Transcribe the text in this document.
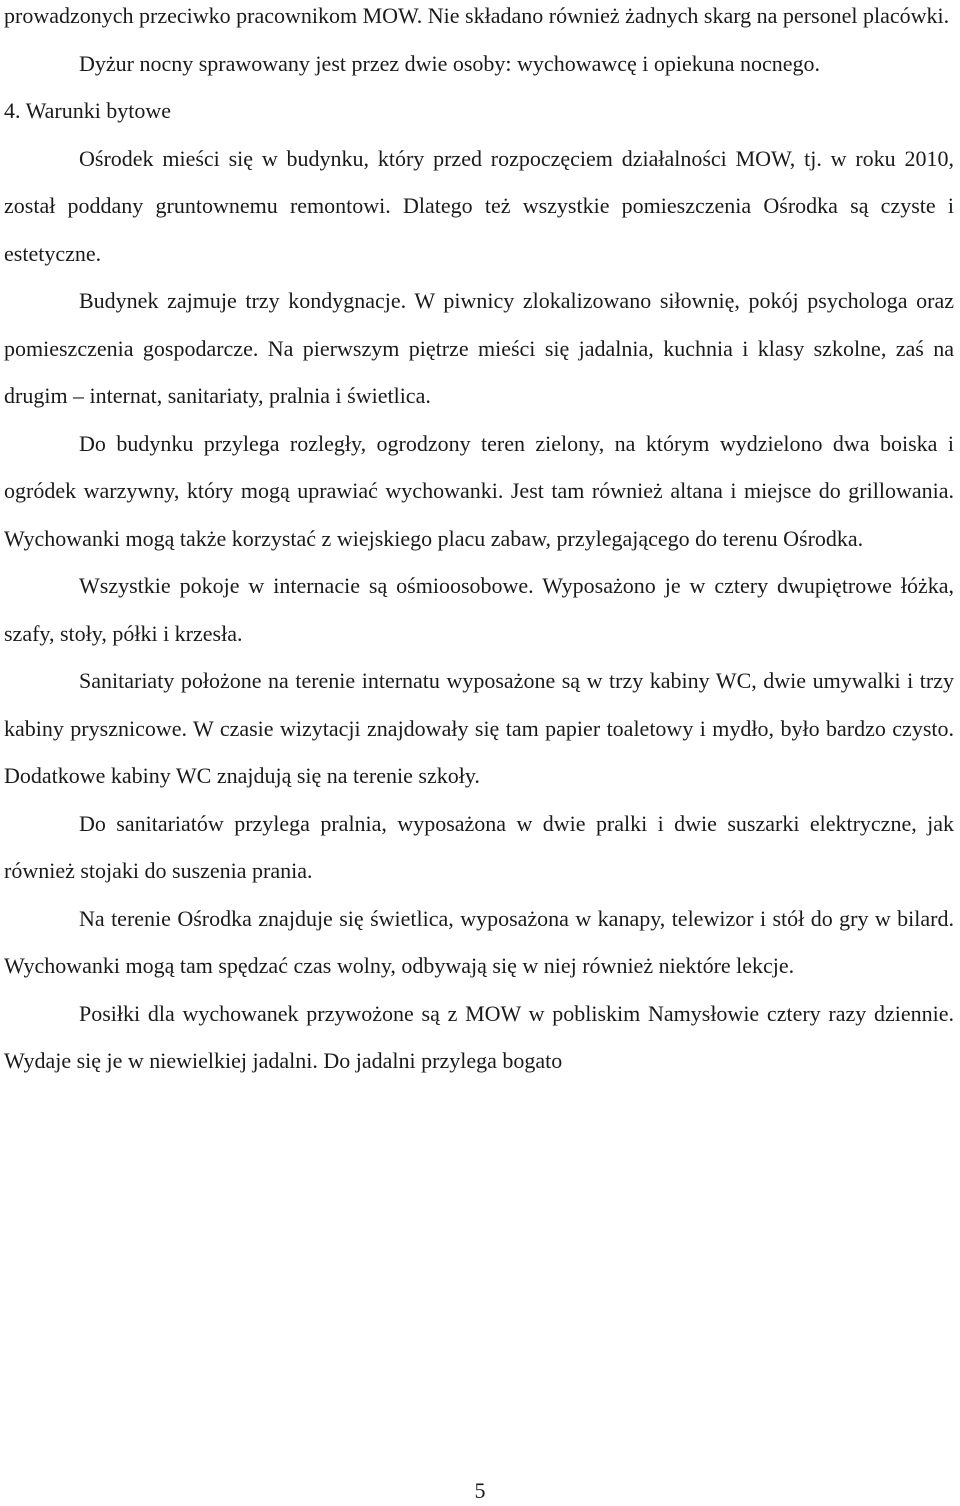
prowadzonych przeciwko pracownikom MOW. Nie składano również żadnych skarg na personel placówki.

Dyżur nocny sprawowany jest przez dwie osoby: wychowawcę i opiekuna nocnego.

4. Warunki bytowe

Ośrodek mieści się w budynku, który przed rozpoczęciem działalności MOW, tj. w roku 2010, został poddany gruntownemu remontowi. Dlatego też wszystkie pomieszczenia Ośrodka są czyste i estetyczne.

Budynek zajmuje trzy kondygnacje. W piwnicy zlokalizowano siłownię, pokój psychologa oraz pomieszczenia gospodarcze. Na pierwszym piętrze mieści się jadalnia, kuchnia i klasy szkolne, zaś na drugim – internat, sanitariaty, pralnia i świetlica.

Do budynku przylega rozległy, ogrodzony teren zielony, na którym wydzielono dwa boiska i ogródek warzywny, który mogą uprawiać wychowanki. Jest tam również altana i miejsce do grillowania. Wychowanki mogą także korzystać z wiejskiego placu zabaw, przylegającego do terenu Ośrodka.

Wszystkie pokoje w internacie są ośmioosobowe. Wyposażono je w cztery dwupiętrowe łóżka, szafy, stoły, półki i krzesła.

Sanitariaty położone na terenie internatu wyposażone są w trzy kabiny WC, dwie umywalki i trzy kabiny prysznicowe. W czasie wizytacji znajdowały się tam papier toaletowy i mydło, było bardzo czysto. Dodatkowe kabiny WC znajdują się na terenie szkoły.

Do sanitariatów przylega pralnia, wyposażona w dwie pralki i dwie suszarki elektryczne, jak również stojaki do suszenia prania.

Na terenie Ośrodka znajduje się świetlica, wyposażona w kanapy, telewizor i stół do gry w bilard. Wychowanki mogą tam spędzać czas wolny, odbywają się w niej również niektóre lekcje.

Posiłki dla wychowanek przywożone są z MOW w pobliskim Namysłowie cztery razy dziennie. Wydaje się je w niewielkiej jadalni. Do jadalni przylega bogato

5
